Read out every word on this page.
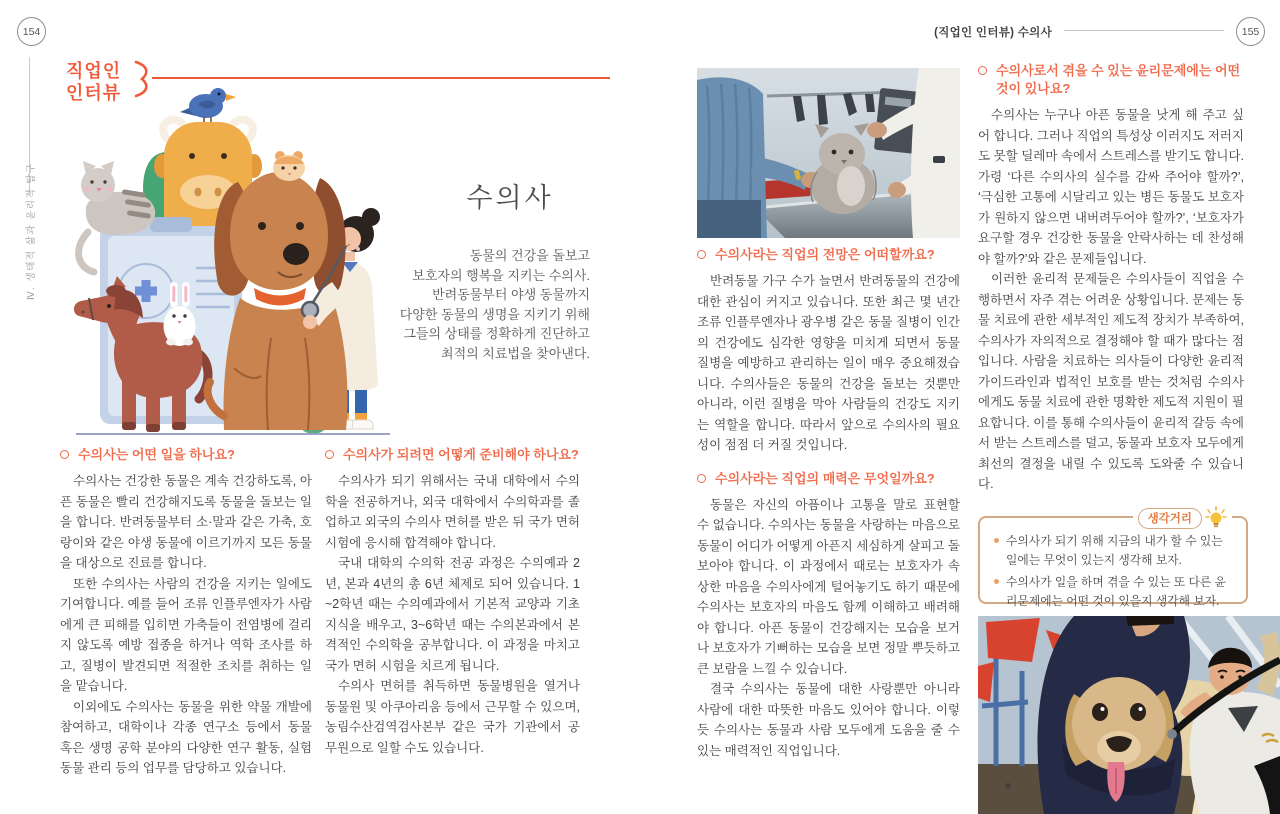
154
Ⅳ. 생태적 삶과 윤리적 탐구
직업인
인터뷰
수의사
동물의 건강을 돌보고
보호자의 행복을 지키는 수의사.
반려동물부터 야생 동물까지
다양한 동물의 생명을 지키기 위해
그들의 상태를 정확하게 진단하고
최적의 치료법을 찾아낸다.
수의사는 어떤 일을 하나요?

수의사는 건강한 동물은 계속 건강하도록, 아픈 동물은 빨리 건강해지도록 동물을 돌보는 일을 합니다. 반려동물부터 소·말과 같은 가축, 호랑이와 같은 야생 동물에 이르기까지 모든 동물을 대상으로 진료를 합니다.

또한 수의사는 사람의 건강을 지키는 일에도 기여합니다. 예를 들어 조류 인플루엔자가 사람에게 큰 피해를 입히면 가축들이 전염병에 걸리지 않도록 예방 접종을 하거나 역학 조사를 하고, 질병이 발견되면 적절한 조치를 취하는 일을 맡습니다.

이외에도 수의사는 동물을 위한 약물 개발에 참여하고, 대학이나 각종 연구소 등에서 동물 혹은 생명 공학 분야의 다양한 연구 활동, 실험동물 관리 등의 업무를 담당하고 있습니다.

수의사가 되려면 어떻게 준비해야 하나요?

수의사가 되기 위해서는 국내 대학에서 수의학을 전공하거나, 외국 대학에서 수의학과를 졸업하고 외국의 수의사 면허를 받은 뒤 국가 면허 시험에 응시해 합격해야 합니다.

국내 대학의 수의학 전공 과정은 수의예과 2년, 본과 4년의 총 6년 체제로 되어 있습니다. 1~2학년 때는 수의예과에서 기본적 교양과 기초 지식을 배우고, 3~6학년 때는 수의본과에서 본격적인 수의학을 공부합니다. 이 과정을 마치고 국가 면허 시험을 치르게 됩니다.

수의사 면허를 취득하면 동물병원을 열거나 동물원 및 아쿠아리움 등에서 근무할 수 있으며, 농림수산검역검사본부 같은 국가 기관에서 공무원으로 일할 수도 있습니다.

(직업인 인터뷰) 수의사	155
수의사라는 직업의 전망은 어떠할까요?

반려동물 가구 수가 늘면서 반려동물의 건강에 대한 관심이 커지고 있습니다. 또한 최근 몇 년간 조류 인플루엔자나 광우병 같은 동물 질병이 인간의 건강에도 심각한 영향을 미치게 되면서 동물 질병을 예방하고 관리하는 일이 매우 중요해졌습니다. 수의사들은 동물의 건강을 돌보는 것뿐만 아니라, 이런 질병을 막아 사람들의 건강도 지키는 역할을 합니다. 따라서 앞으로 수의사의 필요성이 점점 더 커질 것입니다.

수의사라는 직업의 매력은 무엇일까요?

동물은 자신의 아픔이나 고통을 말로 표현할 수 없습니다. 수의사는 동물을 사랑하는 마음으로 동물이 어디가 어떻게 아픈지 세심하게 살피고 돌보아야 합니다. 이 과정에서 때로는 보호자가 속상한 마음을 수의사에게 털어놓기도 하기 때문에 수의사는 보호자의 마음도 함께 이해하고 배려해야 합니다. 아픈 동물이 건강해지는 모습을 보거나 보호자가 기뻐하는 모습을 보면 정말 뿌듯하고 큰 보람을 느낄 수 있습니다.

결국 수의사는 동물에 대한 사랑뿐만 아니라 사람에 대한 따뜻한 마음도 있어야 합니다. 이렇듯 수의사는 동물과 사람 모두에게 도움을 줄 수 있는 매력적인 직업입니다.

수의사로서 겪을 수 있는 윤리문제에는 어떤 것이 있나요?

수의사는 누구나 아픈 동물을 낫게 해 주고 싶어 합니다. 그러나 직업의 특성상 이러지도 저러지도 못할 딜레마 속에서 스트레스를 받기도 합니다. 가령 ‘다른 수의사의 실수를 감싸 주어야 할까?’, ‘극심한 고통에 시달리고 있는 병든 동물도 보호자가 원하지 않으면 내버려두어야 할까?’, ‘보호자가 요구할 경우 건강한 동물을 안락사하는 데 찬성해야 할까?’와 같은 문제들입니다.

이러한 윤리적 문제들은 수의사들이 직업을 수행하면서 자주 겪는 어려운 상황입니다. 문제는 동물 치료에 관한 세부적인 제도적 장치가 부족하여, 수의사가 자의적으로 결정해야 할 때가 많다는 점입니다. 사람을 치료하는 의사들이 다양한 윤리적 가이드라인과 법적인 보호를 받는 것처럼 수의사에게도 동물 치료에 관한 명확한 제도적 지원이 필요합니다. 이를 통해 수의사들이 윤리적 갈등 속에서 받는 스트레스를 덜고, 동물과 보호자 모두에게 최선의 결정을 내릴 수 있도록 도와줄 수 있습니다.

생각거리
수의사가 되기 위해 지금의 내가 할 수 있는 일에는 무엇이 있는지 생각해 보자.
수의사가 일을 하며 겪을 수 있는 또 다른 윤리문제에는 어떤 것이 있을지 생각해 보자.
